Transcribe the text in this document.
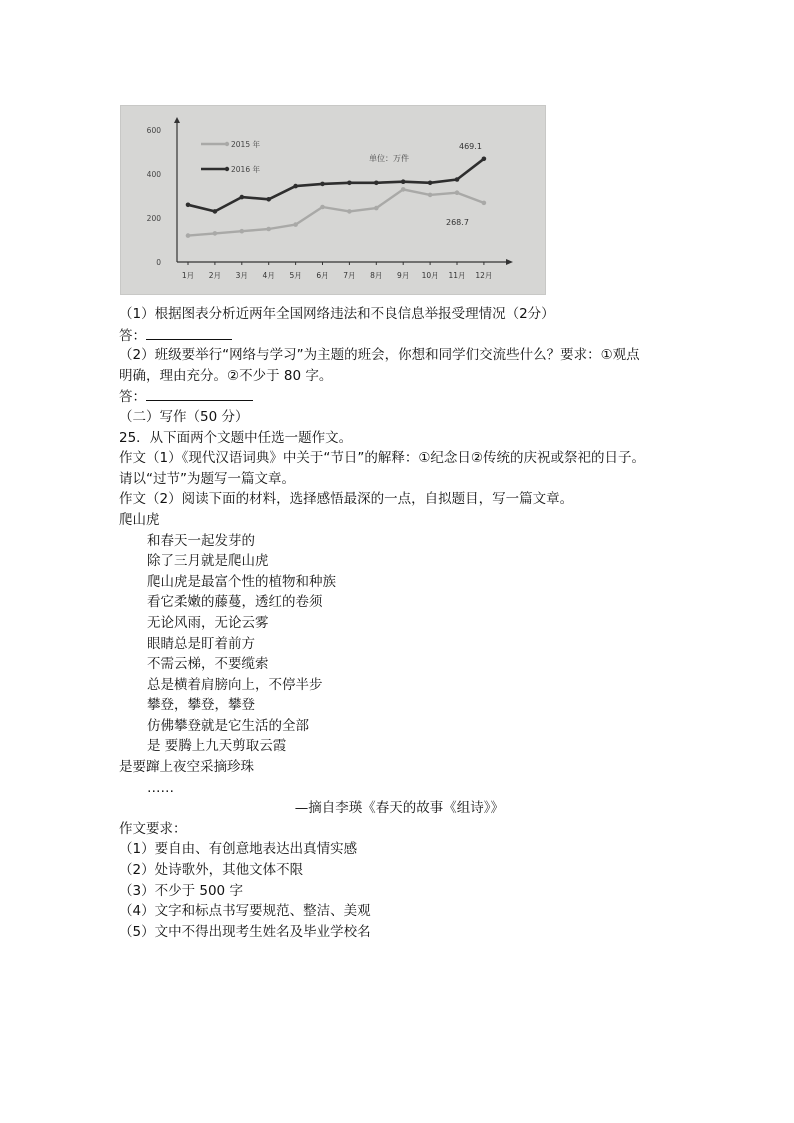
0
200
400
600
1月 2月 3月 4月 5月 6月 7月 8月 9月 10月 11月 12月
2015 年
2016 年
单位：万件
469.1
268.7
（1）根据图表分析近两年全国网络违法和不良信息举报受理情况（2分）
答：
（2）班级要举行“网络与学习”为主题的班会，你想和同学们交流些什么？要求：①观点
明确，理由充分。②不少于 80 字。
答：
（二）写作（50 分）
25．从下面两个文题中任选一题作文。
作文（1）《现代汉语词典》中关于“节日”的解释：①纪念日②传统的庆祝或祭祀的日子。
请以“过节”为题写一篇文章。
作文（2）阅读下面的材料，选择感悟最深的一点，自拟题目，写一篇文章。
爬山虎
和春天一起发芽的
除了三月就是爬山虎
爬山虎是最富个性的植物和种族
看它柔嫩的藤蔓，透红的卷须
无论风雨，无论云雾
眼睛总是盯着前方
不需云梯，不要缆索
总是横着肩膀向上，不停半步
攀登，攀登，攀登
仿佛攀登就是它生活的全部
是 要腾上九天剪取云霞
是要蹿上夜空采摘珍珠
……
—摘自李瑛《春天的故事《组诗》》
作文要求：
（1）要自由、有创意地表达出真情实感
（2）处诗歌外，其他文体不限
（3）不少于 500 字
（4）文字和标点书写要规范、整洁、美观
（5）文中不得出现考生姓名及毕业学校名
